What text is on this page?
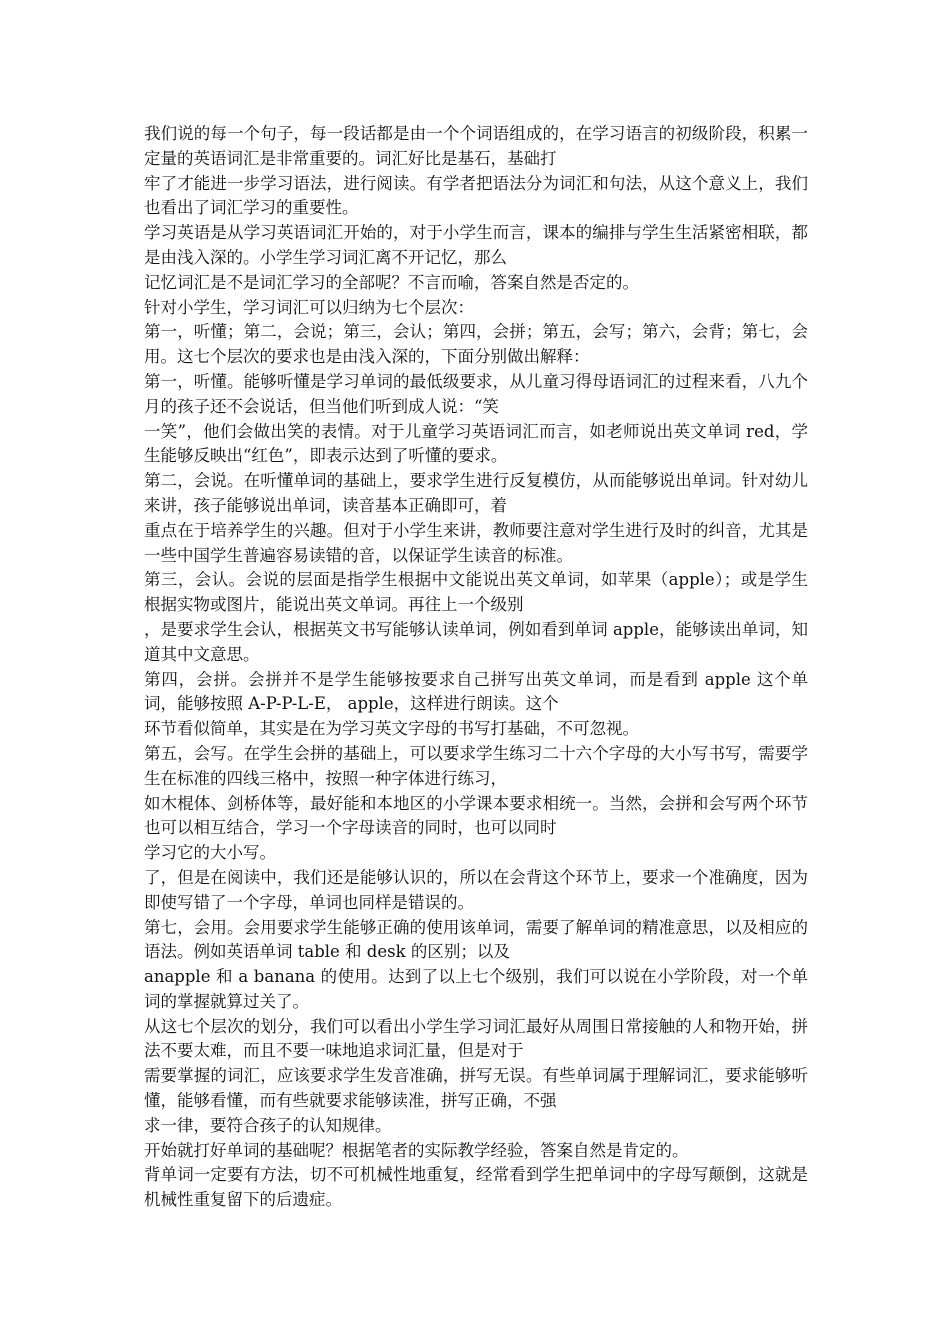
我们说的每一个句子，每一段话都是由一个个词语组成的，在学习语言的初级阶段，积累一定量的英语词汇是非常重要的。词汇好比是基石，基础打

牢了才能进一步学习语法，进行阅读。有学者把语法分为词汇和句法，从这个意义上，我们也看出了词汇学习的重要性。

学习英语是从学习英语词汇开始的，对于小学生而言，课本的编排与学生生活紧密相联，都是由浅入深的。小学生学习词汇离不开记忆，那么

记忆词汇是不是词汇学习的全部呢？不言而喻，答案自然是否定的。

针对小学生，学习词汇可以归纳为七个层次：

第一，听懂；第二，会说；第三，会认；第四，会拼；第五，会写；第六，会背；第七，会用。这七个层次的要求也是由浅入深的，下面分别做出解释：

第一，听懂。能够听懂是学习单词的最低级要求，从儿童习得母语词汇的过程来看，八九个月的孩子还不会说话，但当他们听到成人说：“笑

一笑”，他们会做出笑的表情。对于儿童学习英语词汇而言，如老师说出英文单词 red，学生能够反映出“红色”，即表示达到了听懂的要求。

第二，会说。在听懂单词的基础上，要求学生进行反复模仿，从而能够说出单词。针对幼儿来讲，孩子能够说出单词，读音基本正确即可，着

重点在于培养学生的兴趣。但对于小学生来讲，教师要注意对学生进行及时的纠音，尤其是一些中国学生普遍容易读错的音，以保证学生读音的标准。

第三，会认。会说的层面是指学生根据中文能说出英文单词，如苹果（apple）；或是学生根据实物或图片，能说出英文单词。再往上一个级别

，是要求学生会认，根据英文书写能够认读单词，例如看到单词 apple，能够读出单词，知道其中文意思。

第四，会拼。会拼并不是学生能够按要求自己拼写出英文单词，而是看到 apple 这个单词，能够按照 A-P-P-L-E， apple，这样进行朗读。这个

环节看似简单，其实是在为学习英文字母的书写打基础，不可忽视。

第五，会写。在学生会拼的基础上，可以要求学生练习二十六个字母的大小写书写，需要学生在标准的四线三格中，按照一种字体进行练习，

如木棍体、剑桥体等，最好能和本地区的小学课本要求相统一。当然，会拼和会写两个环节也可以相互结合，学习一个字母读音的同时，也可以同时

学习它的大小写。

了，但是在阅读中，我们还是能够认识的，所以在会背这个环节上，要求一个准确度，因为即使写错了一个字母，单词也同样是错误的。

第七，会用。会用要求学生能够正确的使用该单词，需要了解单词的精准意思，以及相应的语法。例如英语单词 table 和 desk 的区别；以及

anapple 和 a banana 的使用。达到了以上七个级别，我们可以说在小学阶段，对一个单词的掌握就算过关了。

从这七个层次的划分，我们可以看出小学生学习词汇最好从周围日常接触的人和物开始，拼法不要太难，而且不要一味地追求词汇量，但是对于

需要掌握的词汇，应该要求学生发音准确，拼写无误。有些单词属于理解词汇，要求能够听懂，能够看懂，而有些就要求能够读准，拼写正确，不强

求一律，要符合孩子的认知规律。

开始就打好单词的基础呢？根据笔者的实际教学经验，答案自然是肯定的。

背单词一定要有方法，切不可机械性地重复，经常看到学生把单词中的字母写颠倒，这就是机械性重复留下的后遗症。
